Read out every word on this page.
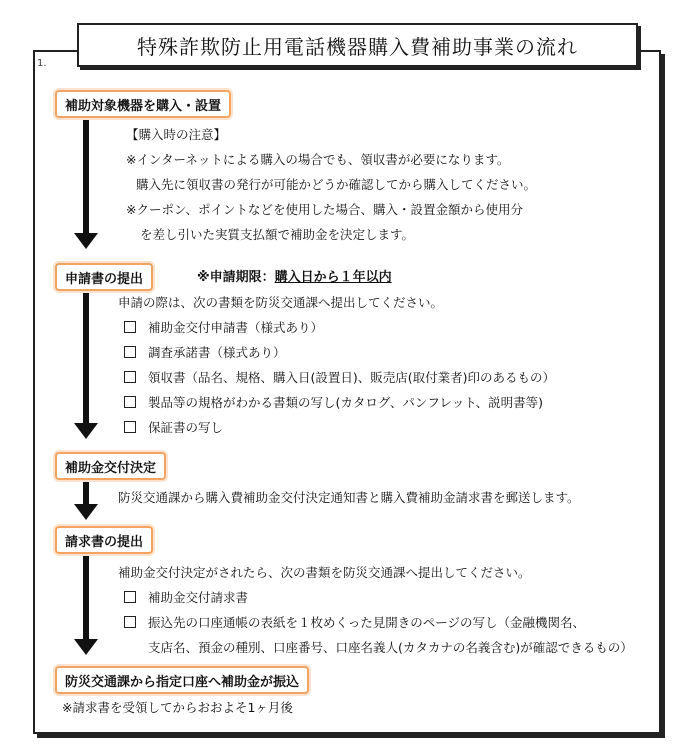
1.
特殊詐欺防止用電話機器購入費補助事業の流れ
補助対象機器を購入・設置
【購入時の注意】
※インターネットによる購入の場合でも、領収書が必要になります。
購入先に領収書の発行が可能かどうか確認してから購入してください。
※クーポン、ポイントなどを使用した場合、購入・設置金額から使用分
を差し引いた実質支払額で補助金を決定します。
申請書の提出	※申請期限：購入日から１年以内
申請の際は、次の書類を防災交通課へ提出してください。
補助金交付申請書（様式あり）
調査承諾書（様式あり）
領収書（品名、規格、購入日(設置日)、販売店(取付業者)印のあるもの）
製品等の規格がわかる書類の写し(カタログ、パンフレット、説明書等)
保証書の写し
補助金交付決定
防災交通課から購入費補助金交付決定通知書と購入費補助金請求書を郵送します。
請求書の提出
補助金交付決定がされたら、次の書類を防災交通課へ提出してください。
補助金交付請求書
振込先の口座通帳の表紙を１枚めくった見開きのページの写し（金融機関名、
支店名、預金の種別、口座番号、口座名義人(カタカナの名義含む)が確認できるもの）
防災交通課から指定口座へ補助金が振込
※請求書を受領してからおおよそ1ヶ月後
